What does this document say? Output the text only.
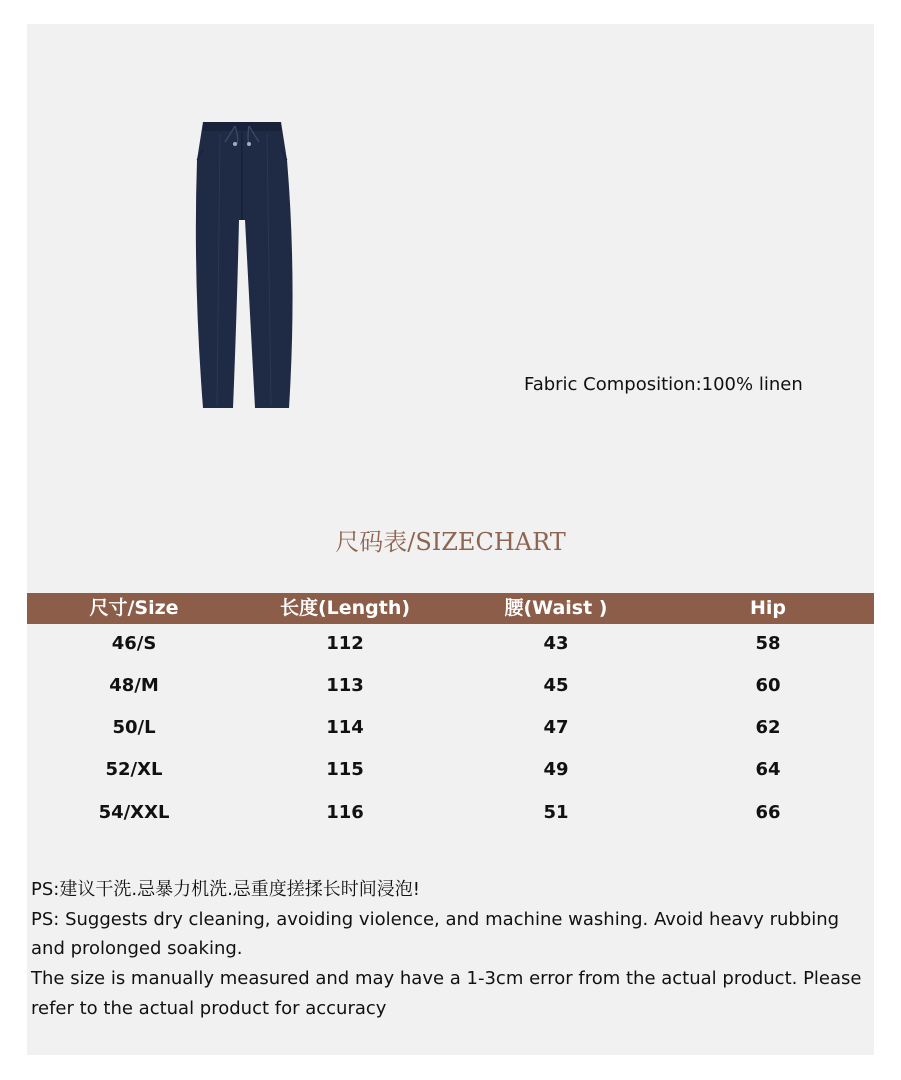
Fabric Composition:100% linen
尺码表/SIZECHART
尺寸/Size	长度(Length)	腰(Waist )	Hip
46/S	112	43	58
48/M	113	45	60
50/L	114	47	62
52/XL	115	49	64
54/XXL	116	51	66

PS:建议干洗.忌暴力机洗.忌重度搓揉长时间浸泡!

PS: Suggests dry cleaning, avoiding violence, and machine washing. Avoid heavy rubbing and prolonged soaking.

The size is manually measured and may have a 1-3cm error from the actual product. Please refer to the actual product for accuracy
